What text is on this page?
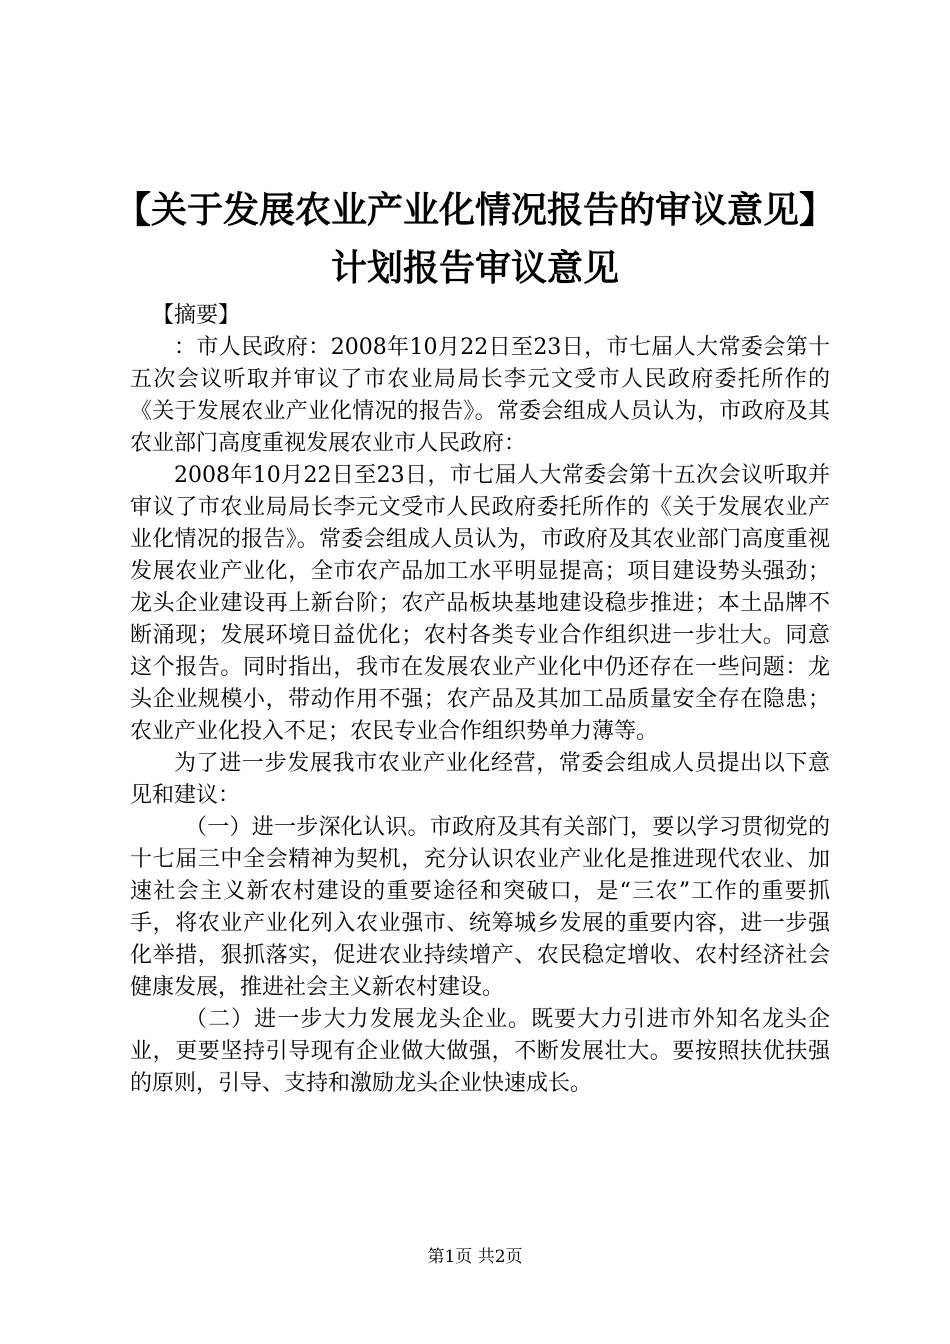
【关于发展农业产业化情况报告的审议意见】
计划报告审议意见

【摘要】

：市人民政府：2008年10月22日至23日，市七届人大常委会第十五次会议听取并审议了市农业局局长李元文受市人民政府委托所作的《关于发展农业产业化情况的报告》。常委会组成人员认为，市政府及其农业部门高度重视发展农业市人民政府：

2008年10月22日至23日，市七届人大常委会第十五次会议听取并审议了市农业局局长李元文受市人民政府委托所作的《关于发展农业产业化情况的报告》。常委会组成人员认为，市政府及其农业部门高度重视发展农业产业化，全市农产品加工水平明显提高；项目建设势头强劲；龙头企业建设再上新台阶；农产品板块基地建设稳步推进；本土品牌不断涌现；发展环境日益优化；农村各类专业合作组织进一步壮大。同意这个报告。同时指出，我市在发展农业产业化中仍还存在一些问题：龙头企业规模小，带动作用不强；农产品及其加工品质量安全存在隐患；农业产业化投入不足；农民专业合作组织势单力薄等。

为了进一步发展我市农业产业化经营，常委会组成人员提出以下意见和建议：

（一）进一步深化认识。市政府及其有关部门，要以学习贯彻党的十七届三中全会精神为契机，充分认识农业产业化是推进现代农业、加速社会主义新农村建设的重要途径和突破口，是“三农”工作的重要抓手，将农业产业化列入农业强市、统筹城乡发展的重要内容，进一步强化举措，狠抓落实，促进农业持续增产、农民稳定增收、农村经济社会健康发展，推进社会主义新农村建设。

（二）进一步大力发展龙头企业。既要大力引进市外知名龙头企业，更要坚持引导现有企业做大做强，不断发展壮大。要按照扶优扶强的原则，引导、支持和激励龙头企业快速成长。

第1页 共2页
